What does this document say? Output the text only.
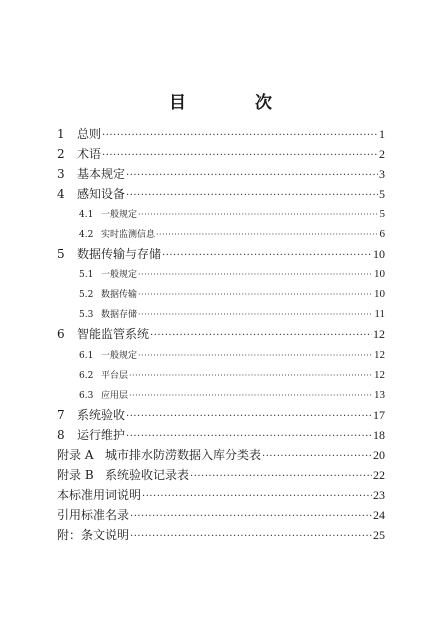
目　次
1	总则 ·····	1
2	术语 ·····	2
3	基本规定 ·····	3
4	感知设备 ·····	5
4.1 一般规定 ·····	5
4.2 实时监测信息 ·····	6
5	数据传输与存储 ·····	10
5.1 一般规定 ·····	10
5.2 数据传输 ·····	10
5.3 数据存储 ·····	11
6	智能监管系统 ·····	12
6.1 一般规定 ·····	12
6.2 平台层 ·····	12
6.3 应用层 ·····	13
7	系统验收 ·····	17
8	运行维护 ·····	18
附录 A 城市排水防涝数据入库分类表 ·····	20
附录 B 系统验收记录表 ·····	22
本标准用词说明 ·····	23
引用标准名录 ·····	24
附：条文说明 ·····	25
